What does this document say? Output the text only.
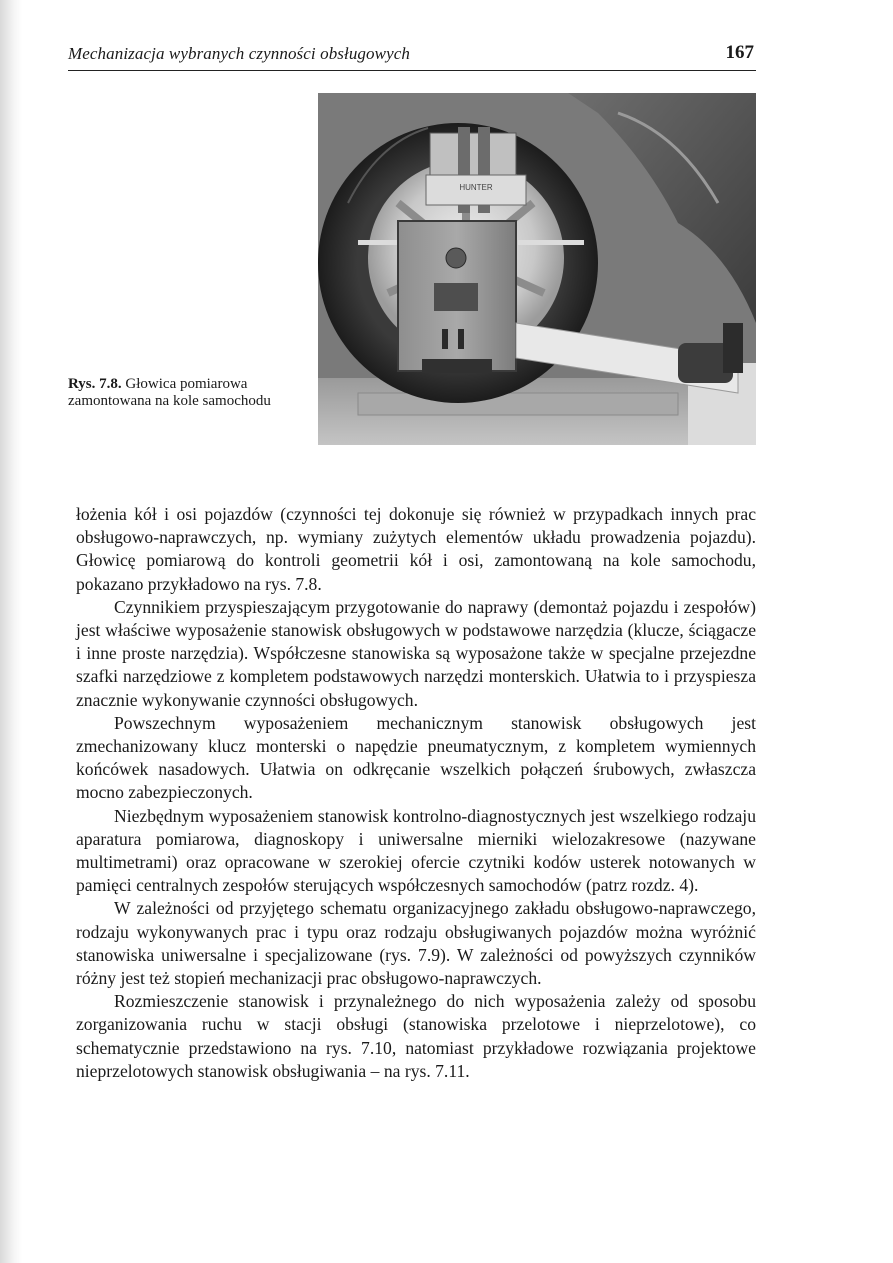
Mechanizacja wybranych czynności obsługowych	167
HUNTER
Rys. 7.8. Głowica pomiarowa zamontowana na kole samochodu

łożenia kół i osi pojazdów (czynności tej dokonuje się również w przypadkach innych prac obsługowo-naprawczych, np. wymiany zużytych elementów układu prowadzenia pojazdu). Głowicę pomiarową do kontroli geometrii kół i osi, zamontowaną na kole samochodu, pokazano przykładowo na rys. 7.8.

Czynnikiem przyspieszającym przygotowanie do naprawy (demontaż pojazdu i zespołów) jest właściwe wyposażenie stanowisk obsługowych w podstawowe narzędzia (klucze, ściągacze i inne proste narzędzia). Współczesne stanowiska są wyposażone także w specjalne przejezdne szafki narzędziowe z kompletem podstawowych narzędzi monterskich. Ułatwia to i przyspiesza znacznie wykonywanie czynności obsługowych.

Powszechnym wyposażeniem mechanicznym stanowisk obsługowych jest zmechanizowany klucz monterski o napędzie pneumatycznym, z kompletem wymiennych końcówek nasadowych. Ułatwia on odkręcanie wszelkich połączeń śrubowych, zwłaszcza mocno zabezpieczonych.

Niezbędnym wyposażeniem stanowisk kontrolno-diagnostycznych jest wszelkiego rodzaju aparatura pomiarowa, diagnoskopy i uniwersalne mierniki wielozakresowe (nazywane multimetrami) oraz opracowane w szerokiej ofercie czytniki kodów usterek notowanych w pamięci centralnych zespołów sterujących współczesnych samochodów (patrz rozdz. 4).

W zależności od przyjętego schematu organizacyjnego zakładu obsługowo-naprawczego, rodzaju wykonywanych prac i typu oraz rodzaju obsługiwanych pojazdów można wyróżnić stanowiska uniwersalne i specjalizowane (rys. 7.9). W zależności od powyższych czynników różny jest też stopień mechanizacji prac obsługowo-naprawczych.

Rozmieszczenie stanowisk i przynależnego do nich wyposażenia zależy od sposobu zorganizowania ruchu w stacji obsługi (stanowiska przelotowe i nieprzelotowe), co schematycznie przedstawiono na rys. 7.10, natomiast przykładowe rozwiązania projektowe nieprzelotowych stanowisk obsługiwania – na rys. 7.11.
